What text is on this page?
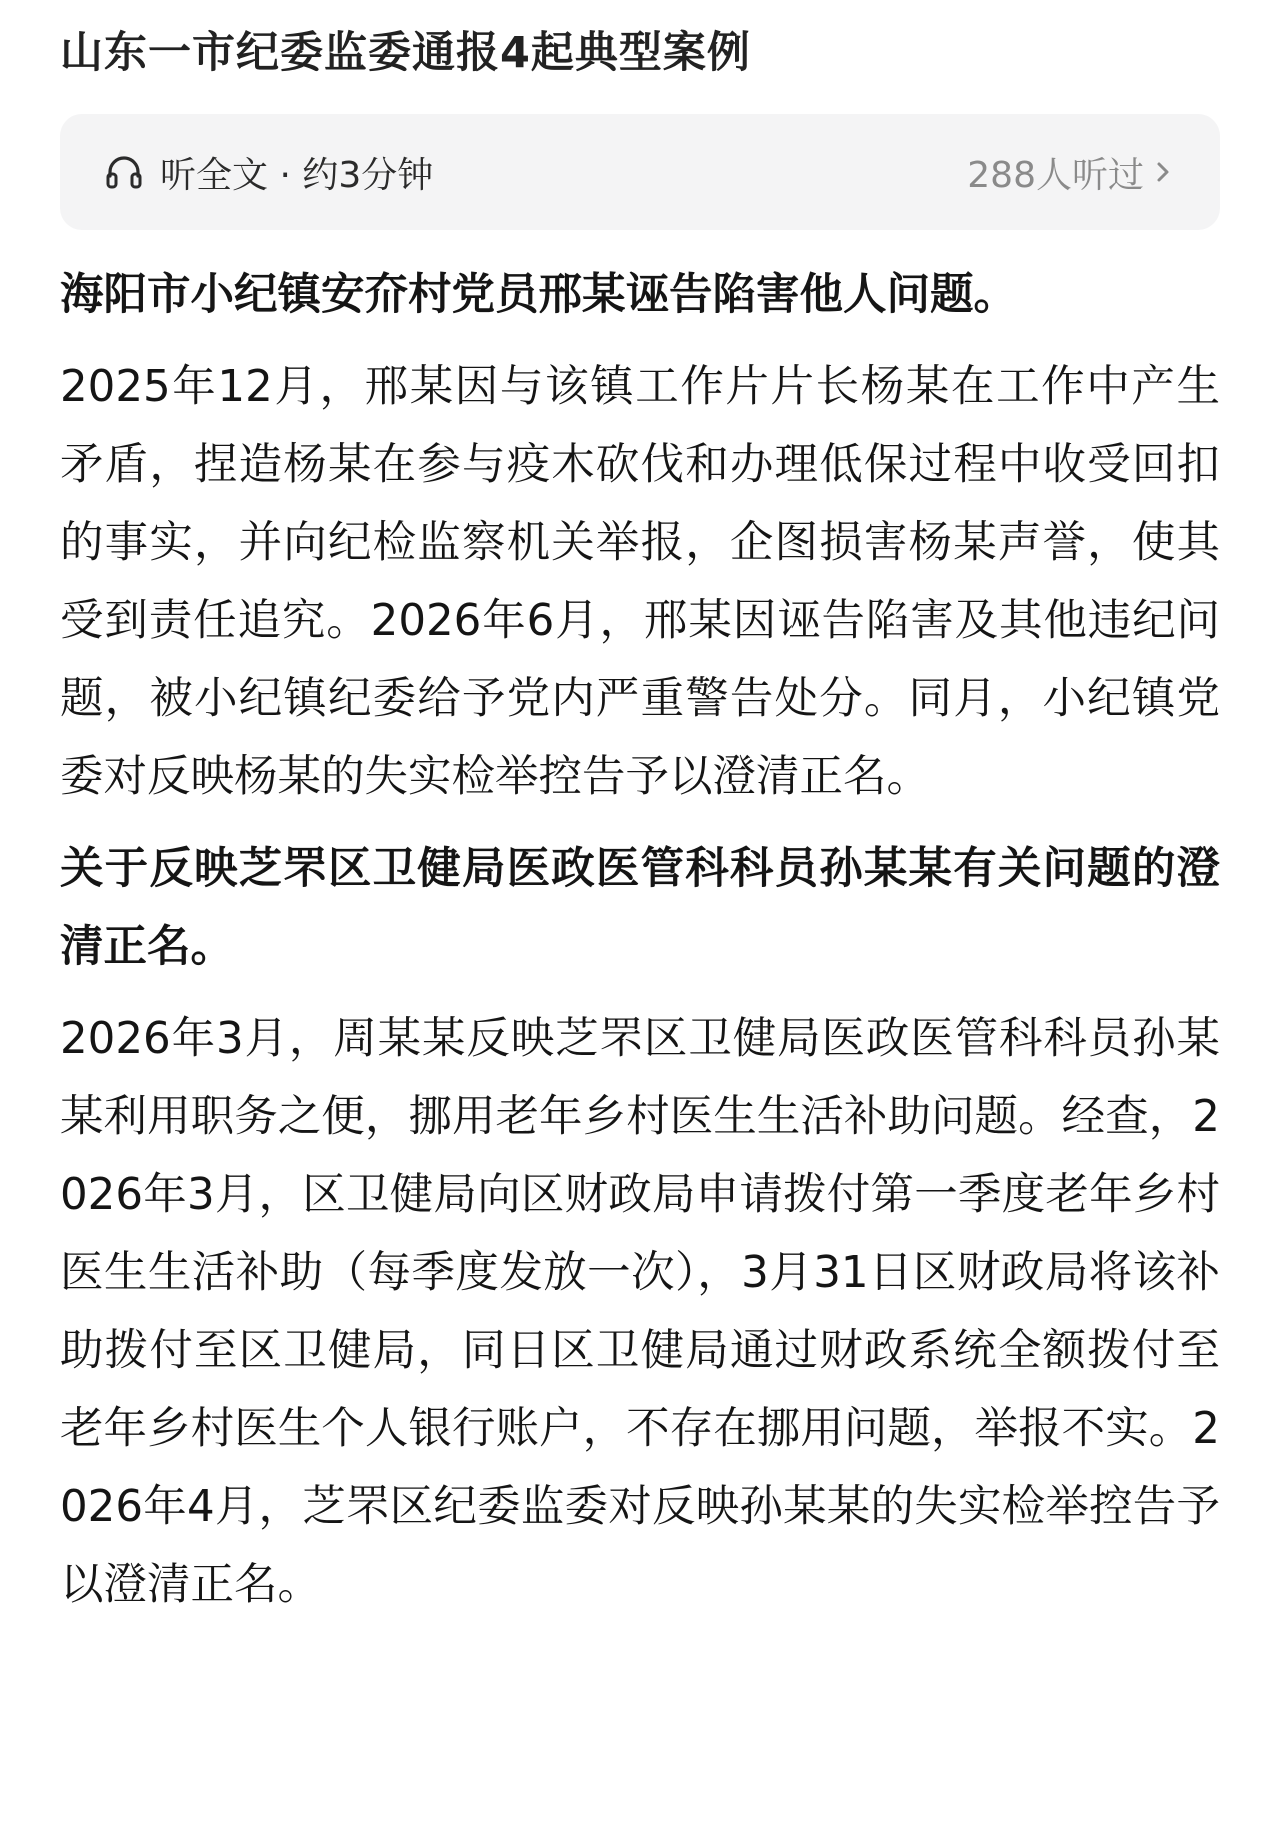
山东一市纪委监委通报4起典型案例
听全文 · 约3分钟	288人听过

海阳市小纪镇安夼村党员邢某诬告陷害他人问题。

2025年12月，邢某因与该镇工作片片长杨某在工作中产生矛盾，捏造杨某在参与疫木砍伐和办理低保过程中收受回扣的事实，并向纪检监察机关举报，企图损害杨某声誉，使其受到责任追究。2026年6月，邢某因诬告陷害及其他违纪问题，被小纪镇纪委给予党内严重警告处分。同月，小纪镇党委对反映杨某的失实检举控告予以澄清正名。

关于反映芝罘区卫健局医政医管科科员孙某某有关问题的澄清正名。

2026年3月，周某某反映芝罘区卫健局医政医管科科员孙某某利用职务之便，挪用老年乡村医生生活补助问题。经查，2026年3月，区卫健局向区财政局申请拨付第一季度老年乡村医生生活补助（每季度发放一次），3月31日区财政局将该补助拨付至区卫健局，同日区卫健局通过财政系统全额拨付至老年乡村医生个人银行账户，不存在挪用问题，举报不实。2026年4月，芝罘区纪委监委对反映孙某某的失实检举控告予以澄清正名。
